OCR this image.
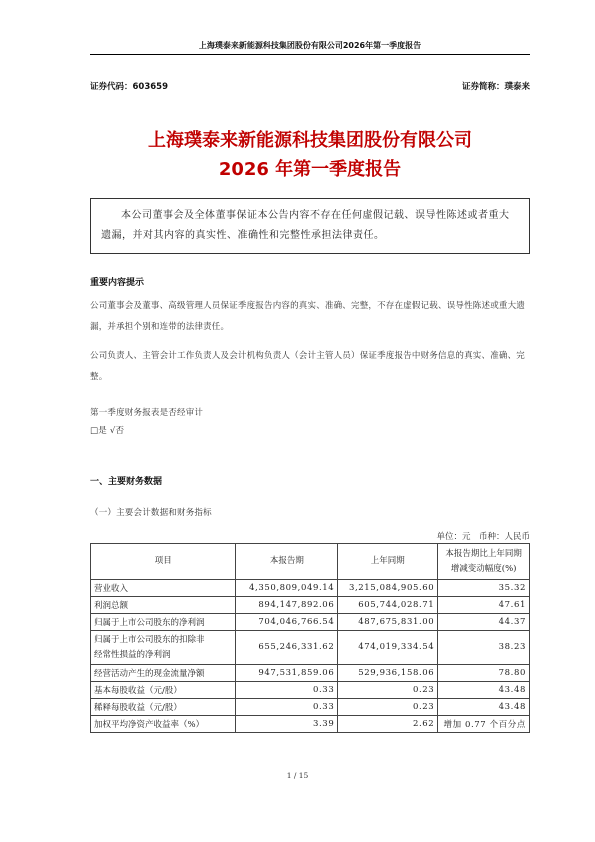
上海璞泰来新能源科技集团股份有限公司2026年第一季度报告
证券代码：603659	证券简称：璞泰来
上海璞泰来新能源科技集团股份有限公司
2026 年第一季度报告

本公司董事会及全体董事保证本公告内容不存在任何虚假记载、误导性陈述或者重大遗漏，并对其内容的真实性、准确性和完整性承担法律责任。

重要内容提示
公司董事会及董事、高级管理人员保证季度报告内容的真实、准确、完整，不存在虚假记载、误导性陈述或重大遗漏，并承担个别和连带的法律责任。
公司负责人、主管会计工作负责人及会计机构负责人（会计主管人员）保证季度报告中财务信息的真实、准确、完整。
第一季度财务报表是否经审计
□是 √否
一、主要财务数据
（一）主要会计数据和财务指标
单位：元　币种：人民币
项目	本报告期	上年同期	本报告期比上年同期
增减变动幅度(%)
营业收入	4,350,809,049.14	3,215,084,905.60	35.32
利润总额	894,147,892.06	605,744,028.71	47.61
归属于上市公司股东的净利润	704,046,766.54	487,675,831.00	44.37
归属于上市公司股东的扣除非
经常性损益的净利润	655,246,331.62	474,019,334.54	38.23
经营活动产生的现金流量净额	947,531,859.06	529,936,158.06	78.80
基本每股收益（元/股）	0.33	0.23	43.48
稀释每股收益（元/股）	0.33	0.23	43.48
加权平均净资产收益率（%）	3.39	2.62	增加 0.77 个百分点
1 / 15
